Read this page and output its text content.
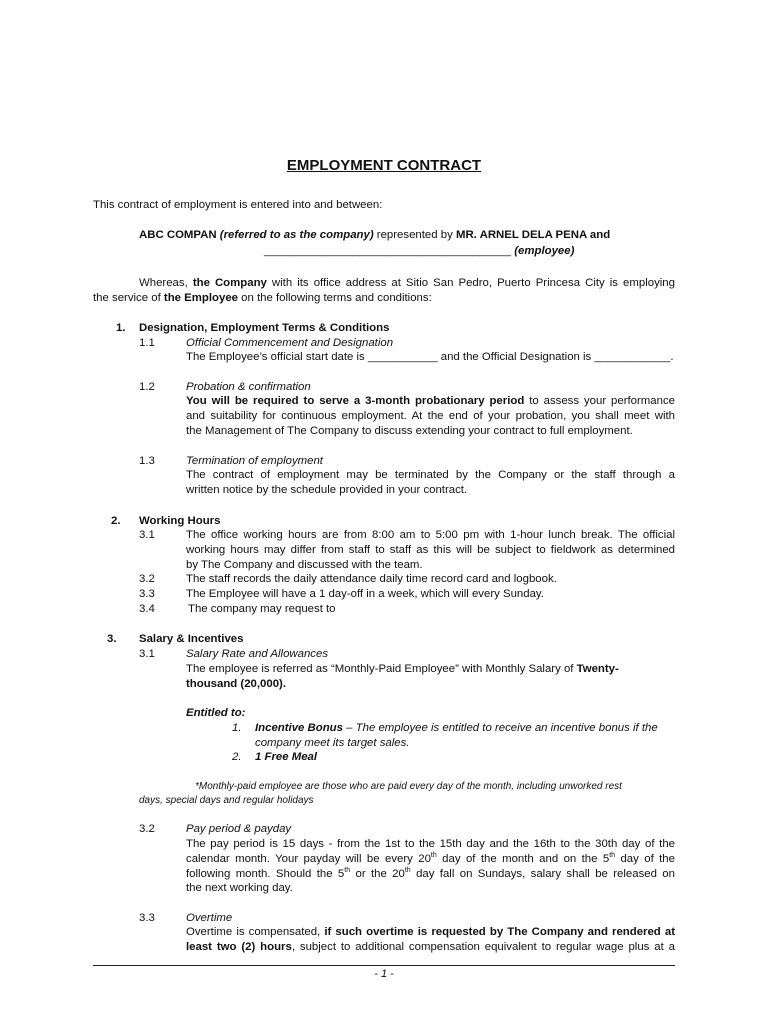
EMPLOYMENT CONTRACT
This contract of employment is entered into and between:
ABC COMPAN (referred to as the company) represented by MR. ARNEL DELA PENA and
_______________________________________ (employee)
Whereas, the Company with its office address at Sitio San Pedro, Puerto Princesa City is employing
the service of the Employee on the following terms and conditions:
1. Designation, Employment Terms & Conditions
1.1	Official Commencement and Designation
The Employee’s official start date is ___________ and the Official Designation is ____________.
1.2	Probation & confirmation
You will be required to serve a 3-month probationary period to assess your performance
and suitability for continuous employment. At the end of your probation, you shall meet with
the Management of The Company to discuss extending your contract to full employment.
1.3	Termination of employment
The contract of employment may be terminated by the Company or the staff through a
written notice by the schedule provided in your contract.
2. Working Hours
3.1	The office working hours are from 8:00 am to 5:00 pm with 1-hour lunch break. The official
working hours may differ from staff to staff as this will be subject to fieldwork as determined
by The Company and discussed with the team.
3.2	The staff records the daily attendance daily time record card and logbook.
3.3	The Employee will have a 1 day-off in a week, which will every Sunday.
3.4	The company may request to
3. Salary & Incentives
3.1	Salary Rate and Allowances
The employee is referred as “Monthly-Paid Employee” with Monthly Salary of Twenty-
thousand (20,000).
Entitled to:
1. Incentive Bonus – The employee is entitled to receive an incentive bonus if the
company meet its target sales.
2. 1 Free Meal
*Monthly-paid employee are those who are paid every day of the month, including unworked rest
days, special days and regular holidays
3.2	Pay period & payday
The pay period is 15 days - from the 1st to the 15th day and the 16th to the 30th day of the
calendar month. Your payday will be every 20th day of the month and on the 5th day of the
following month. Should the 5th or the 20th day fall on Sundays, salary shall be released on
the next working day.
3.3	Overtime
Overtime is compensated, if such overtime is requested by The Company and rendered at
least two (2) hours, subject to additional compensation equivalent to regular wage plus at a
- 1 -
